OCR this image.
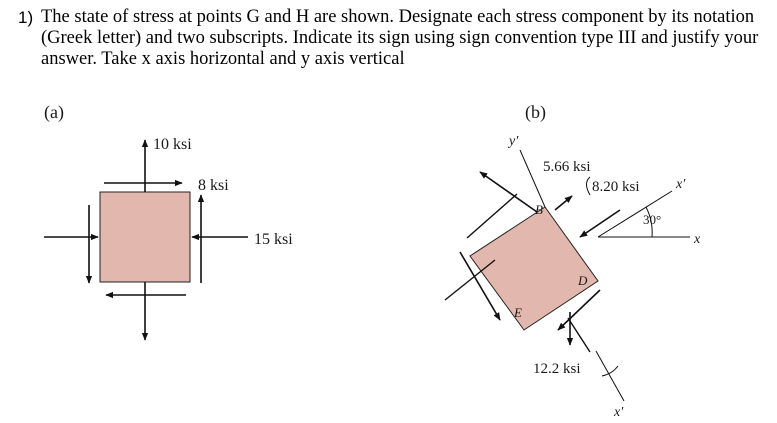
1) The state of stress at points G and H are shown. Designate each stress component by its notation (Greek letter) and two subscripts. Indicate its sign using sign convention type III and justify your answer. Take x axis horizontal and y axis vertical
(a)
10 ksi
8 ksi
15 ksi
(b)
y′
5.66 ksi
8.20 ksi	x′
x
30°
B
D
E
12.2 ksi
x′
